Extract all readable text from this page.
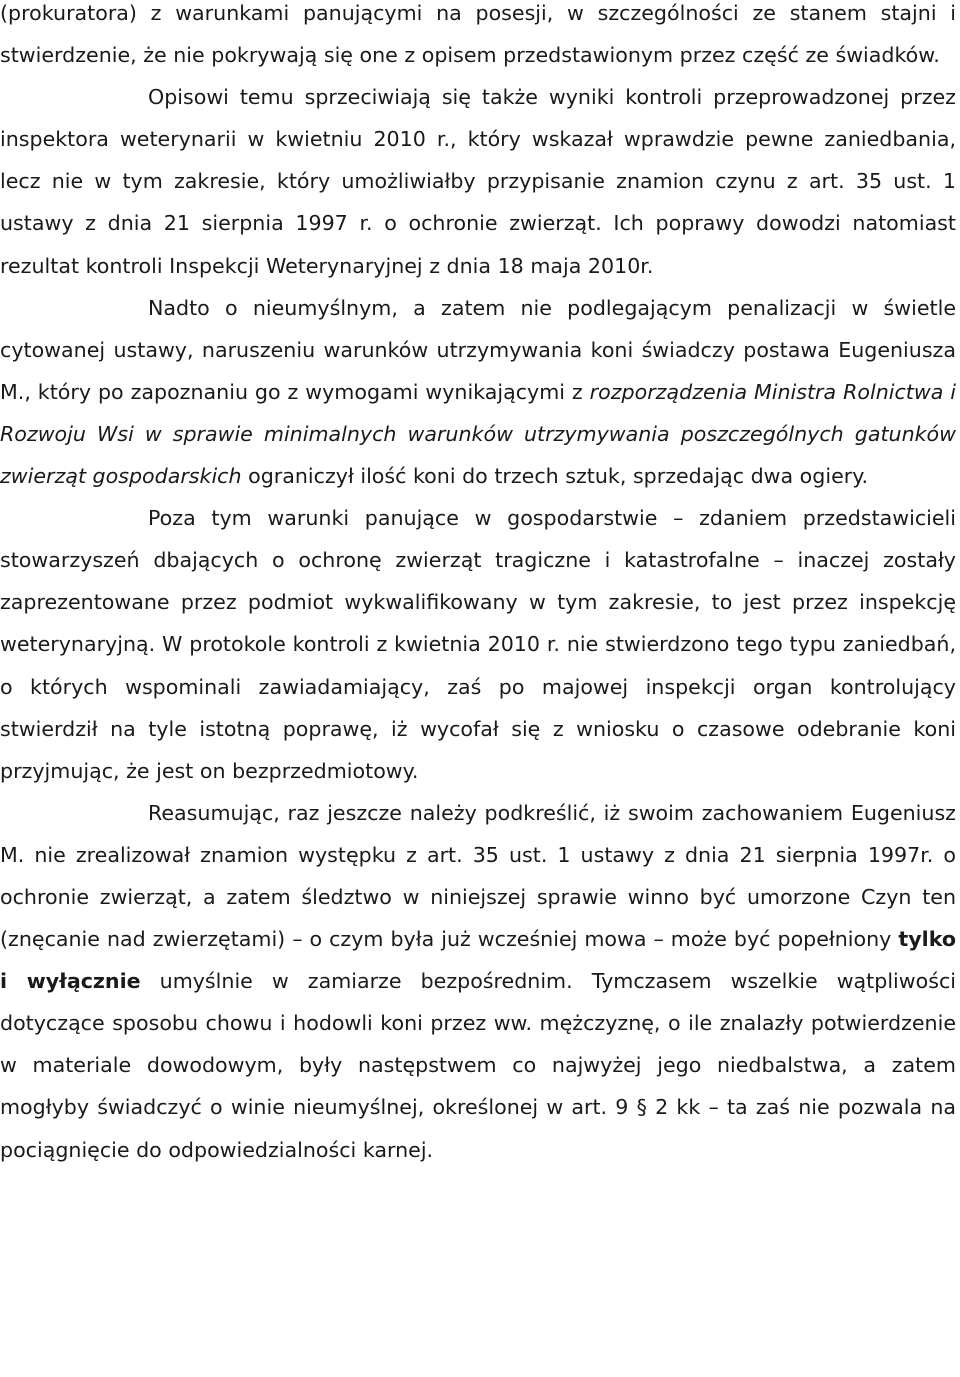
(prokuratora) z warunkami panującymi na posesji, w szczególności ze stanem stajni i stwierdzenie, że nie pokrywają się one z opisem przedstawionym przez część ze świadków.

Opisowi temu sprzeciwiają się także wyniki kontroli przeprowadzonej przez inspektora weterynarii w kwietniu 2010 r., który wskazał wprawdzie pewne zaniedbania, lecz nie w tym zakresie, który umożliwiałby przypisanie znamion czynu z art. 35 ust. 1 ustawy z dnia 21 sierpnia 1997 r. o ochronie zwierząt. Ich poprawy dowodzi natomiast rezultat kontroli Inspekcji Weterynaryjnej z dnia 18 maja 2010r.

Nadto o nieumyślnym, a zatem nie podlegającym penalizacji w świetle cytowanej ustawy, naruszeniu warunków utrzymywania koni świadczy postawa Eugeniusza M., który po zapoznaniu go z wymogami wynikającymi z rozporządzenia Ministra Rolnictwa i Rozwoju Wsi w sprawie minimalnych warunków utrzymywania poszczególnych gatunków zwierząt gospodarskich ograniczył ilość koni do trzech sztuk, sprzedając dwa ogiery.

Poza tym warunki panujące w gospodarstwie – zdaniem przedstawicieli stowarzyszeń dbających o ochronę zwierząt tragiczne i katastrofalne – inaczej zostały zaprezentowane przez podmiot wykwalifikowany w tym zakresie, to jest przez inspekcję weterynaryjną. W protokole kontroli z kwietnia 2010 r. nie stwierdzono tego typu zaniedbań, o których wspominali zawiadamiający, zaś po majowej inspekcji organ kontrolujący stwierdził na tyle istotną poprawę, iż wycofał się z wniosku o czasowe odebranie koni przyjmując, że jest on bezprzedmiotowy.

Reasumując, raz jeszcze należy podkreślić, iż swoim zachowaniem Eugeniusz M. nie zrealizował znamion występku z art. 35 ust. 1 ustawy z dnia 21 sierpnia 1997r. o ochronie zwierząt, a zatem śledztwo w niniejszej sprawie winno być umorzone Czyn ten (znęcanie nad zwierzętami) – o czym była już wcześniej mowa – może być popełniony tylko i wyłącznie umyślnie w zamiarze bezpośrednim. Tymczasem wszelkie wątpliwości dotyczące sposobu chowu i hodowli koni przez ww. mężczyznę, o ile znalazły potwierdzenie w materiale dowodowym, były następstwem co najwyżej jego niedbalstwa, a zatem mogłyby świadczyć o winie nieumyślnej, określonej w art. 9 § 2 kk – ta zaś nie pozwala na pociągnięcie do odpowiedzialności karnej.
